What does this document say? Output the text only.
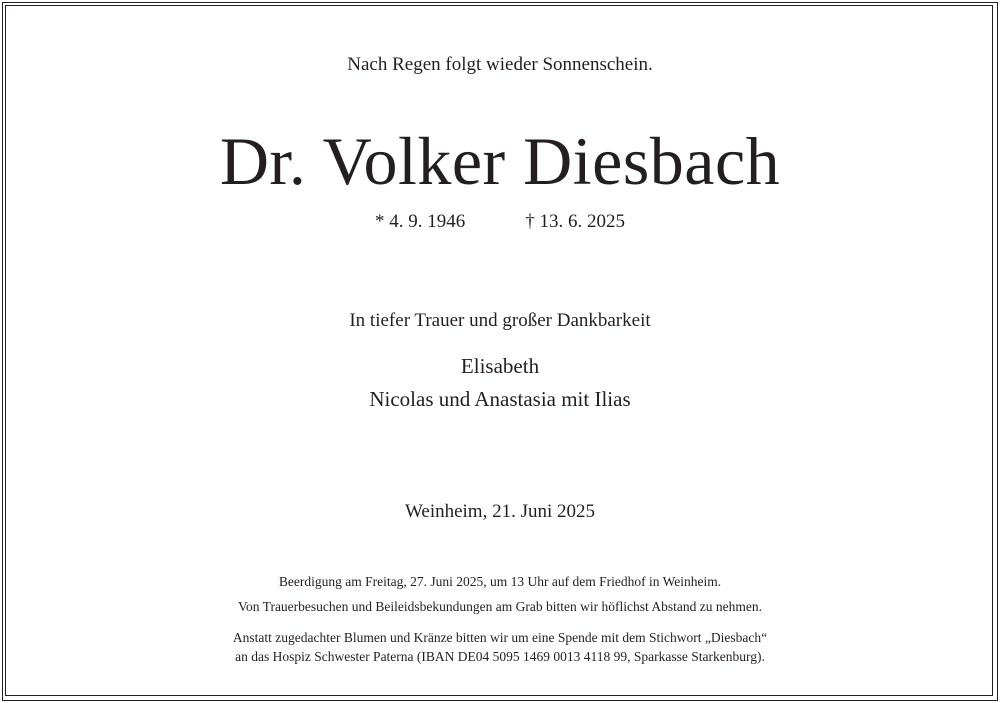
Nach Regen folgt wieder Sonnenschein.
Dr. Volker Diesbach
* 4. 9. 1946	† 13. 6. 2025
In tiefer Trauer und großer Dankbarkeit
Elisabeth
Nicolas und Anastasia mit Ilias
Weinheim, 21. Juni 2025
Beerdigung am Freitag, 27. Juni 2025, um 13 Uhr auf dem Friedhof in Weinheim.
Von Trauerbesuchen und Beileidsbekundungen am Grab bitten wir höflichst Abstand zu nehmen.
Anstatt zugedachter Blumen und Kränze bitten wir um eine Spende mit dem Stichwort „Diesbach“
an das Hospiz Schwester Paterna (IBAN DE04 5095 1469 0013 4118 99, Sparkasse Starkenburg).
